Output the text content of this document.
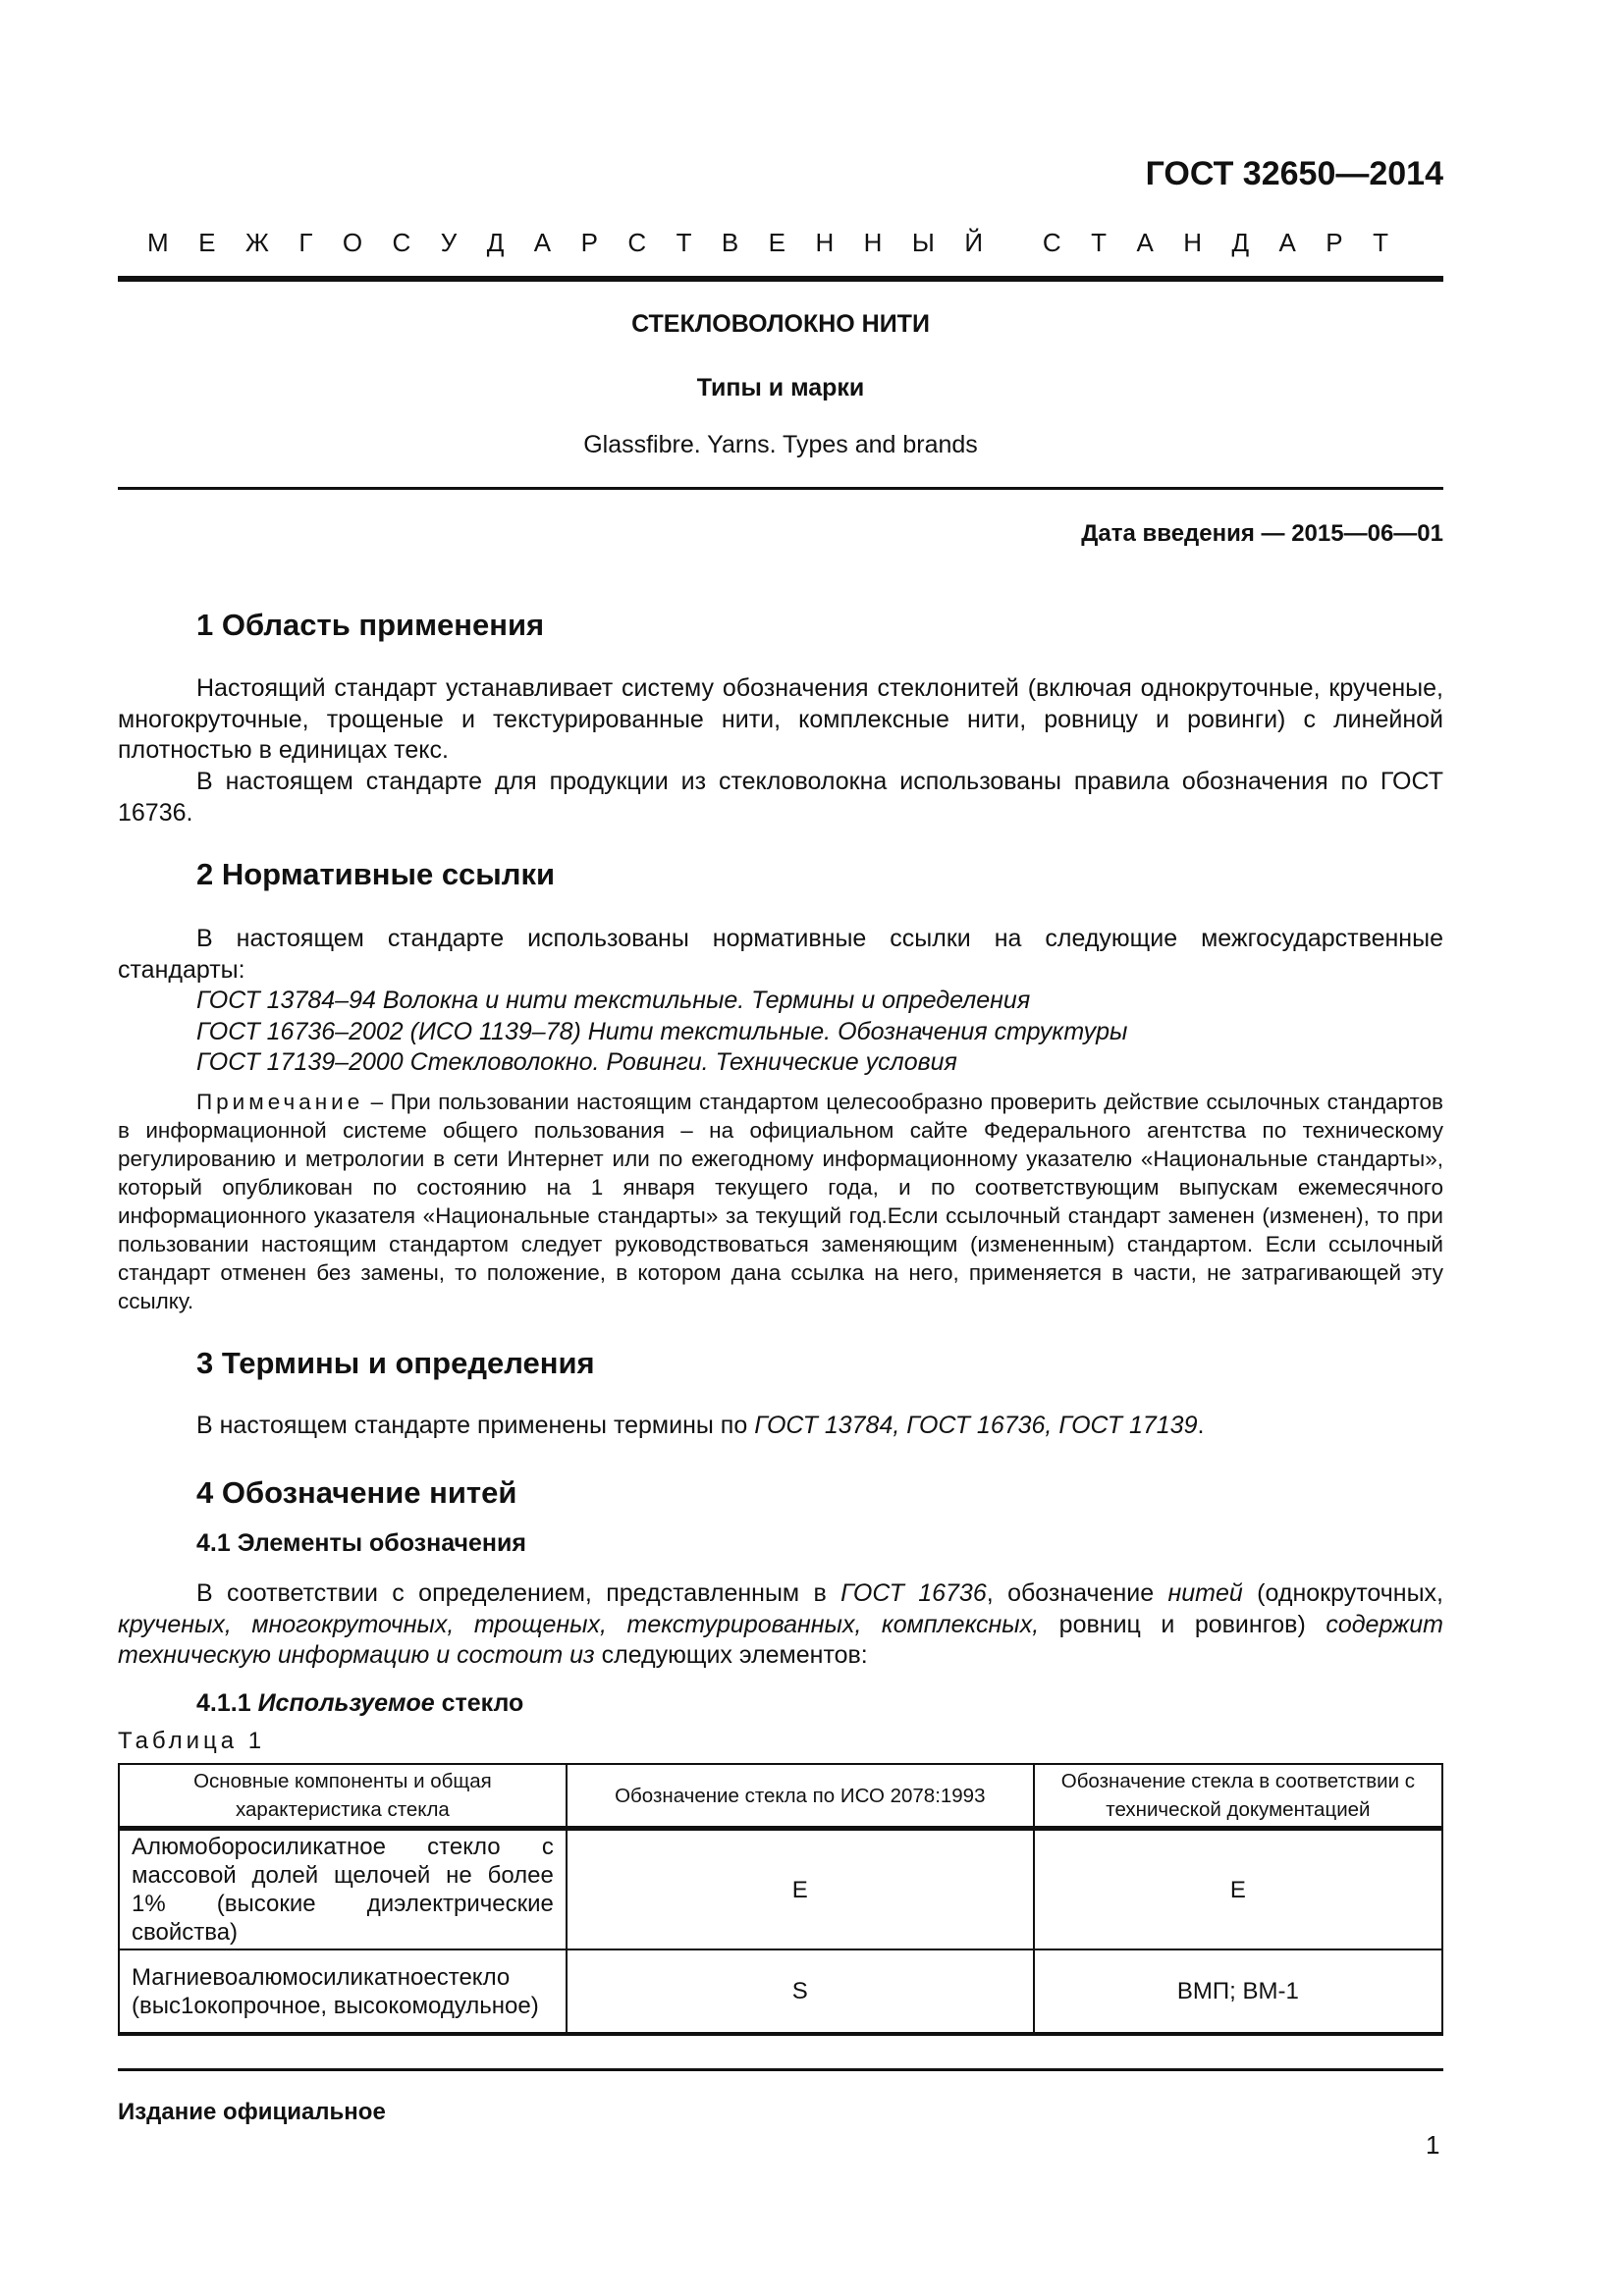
ГОСТ 32650—2014
М Е Ж Г О С У Д А Р С Т В Е Н Н Ы Й С Т А Н Д А Р Т
СТЕКЛОВОЛОКНО НИТИ
Типы и марки
Glassfibre. Yarns. Types and brands
Дата введения — 2015—06—01
1 Область применения
Настоящий стандарт устанавливает систему обозначения стеклонитей (включая однокруточные, крученые, многокруточные, трощеные и текстурированные нити, комплексные нити, ровницу и ровинги) с линейной плотностью в единицах текс.
В настоящем стандарте для продукции из стекловолокна использованы правила обозначения по ГОСТ 16736.
2 Нормативные ссылки
В настоящем стандарте использованы нормативные ссылки на следующие межгосударственные стандарты:
ГОСТ 13784–94 Волокна и нити текстильные. Термины и определения
ГОСТ 16736–2002 (ИСО 1139–78) Нити текстильные. Обозначения структуры
ГОСТ 17139–2000 Стекловолокно. Ровинги. Технические условия
Примечание – При пользовании настоящим стандартом целесообразно проверить действие ссылочных стандартов в информационной системе общего пользования – на официальном сайте Федерального агентства по техническому регулированию и метрологии в сети Интернет или по ежегодному информационному указателю «Национальные стандарты», который опубликован по состоянию на 1 января текущего года, и по соответствующим выпускам ежемесячного информационного указателя «Национальные стандарты» за текущий год.Если ссылочный стандарт заменен (изменен), то при пользовании настоящим стандартом следует руководствоваться заменяющим (измененным) стандартом. Если ссылочный стандарт отменен без замены, то положение, в котором дана ссылка на него, применяется в части, не затрагивающей эту ссылку.
3 Термины и определения
В настоящем стандарте применены термины по ГОСТ 13784, ГОСТ 16736, ГОСТ 17139.
4 Обозначение нитей
4.1 Элементы обозначения
В соответствии с определением, представленным в ГОСТ 16736, обозначение нитей (однокруточных, крученых, многокруточных, трощеных, текстурированных, комплексных, ровниц и ровингов) содержит техническую информацию и состоит из следующих элементов:
4.1.1 Используемое стекло
Таблица 1
Основные компоненты и общая характеристика стекла	Обозначение стекла по ИСО 2078:1993	Обозначение стекла в соответствии с технической документацией
Алюмоборосиликатное стекло с массовой долей щелочей не более 1% (высокие диэлектрические свойства)	E	E
Магниевоалюмосиликатноестекло (выс1окопрочное, высокомодульное)	S	ВМП; ВМ-1
Издание официальное
1
